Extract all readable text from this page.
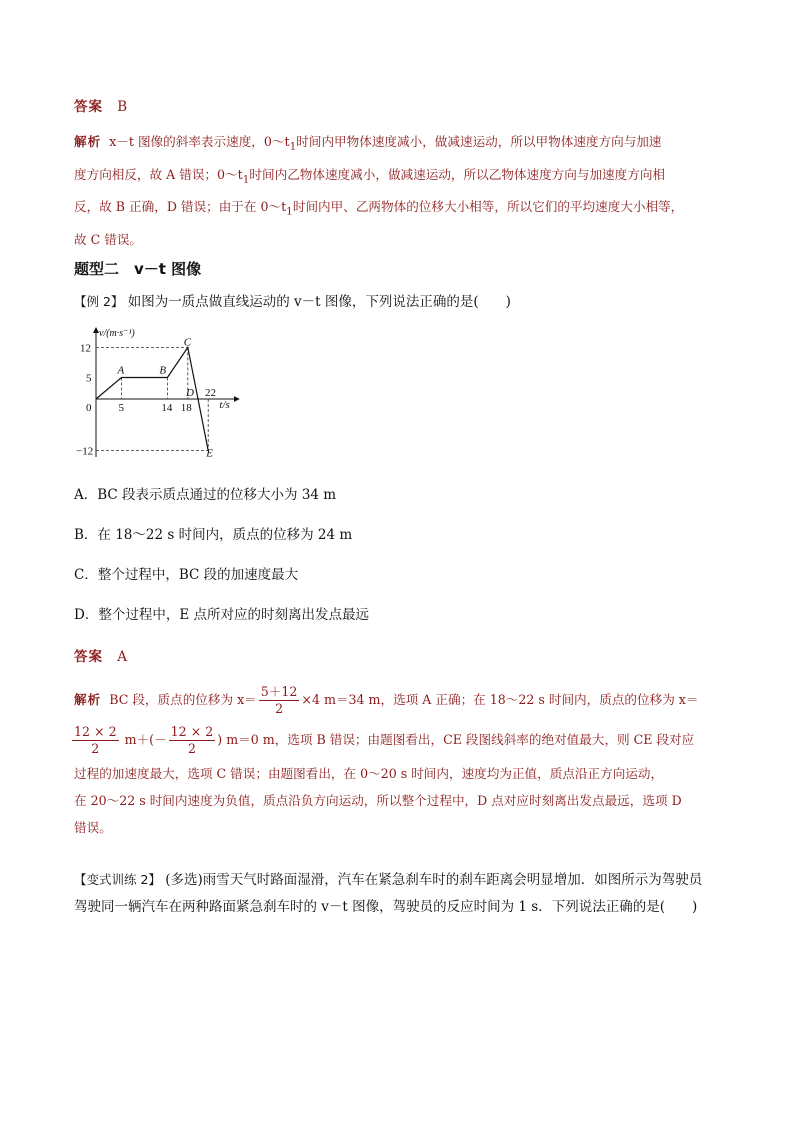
答案 B
解析 x－t 图像的斜率表示速度，$0\sim t_1$时间内甲物体速度减小，做减速运动，所以甲物体速度方向与加速
度方向相反，故 A 错误；$0\sim t_1$时间内乙物体速度减小，做减速运动，所以乙物体速度方向与加速度方向相
反，故 B 正确，D 错误；由于在 $0\sim t_1$时间内甲、乙两物体的位移大小相等，所以它们的平均速度大小相等，
故 C 错误。
题型二　v－t 图像
【例 2】 如图为一质点做直线运动的 v－t 图像，下列说法正确的是(　　)
v/(m·s⁻¹)
t/s
12
5
−12
0 5	14 18
22
A	B
C
D
E
A．BC 段表示质点通过的位移大小为 34 m
B．在 18～22 s 时间内，质点的位移为 24 m
C．整个过程中，BC 段的加速度最大
D．整个过程中，E 点所对应的时刻离出发点最远
答案 A
解析 BC 段，质点的位移为 $x= \frac{5+12}{2} \times 4$ m＝34 m，选项 A 正确；在 18～22 s 时间内，质点的位移为 x＝
$\frac{12 \times 2}{2} m+(- \frac{12 \times 2}{2}$ ) m＝0 m，选项 B 错误；由题图看出，CE 段图线斜率的绝对值最大，则 CE 段对应
过程的加速度最大，选项 C 错误；由题图看出，在 0～20 s 时间内，速度均为正值，质点沿正方向运动，
在 20～22 s 时间内速度为负值，质点沿负方向运动，所以整个过程中，D 点对应时刻离出发点最远，选项 D
错误。
【变式训练 2】 (多选)雨雪天气时路面湿滑，汽车在紧急刹车时的刹车距离会明显增加．如图所示为驾驶员
驾驶同一辆汽车在两种路面紧急刹车时的 v－t 图像，驾驶员的反应时间为 1 s．下列说法正确的是(　　)
